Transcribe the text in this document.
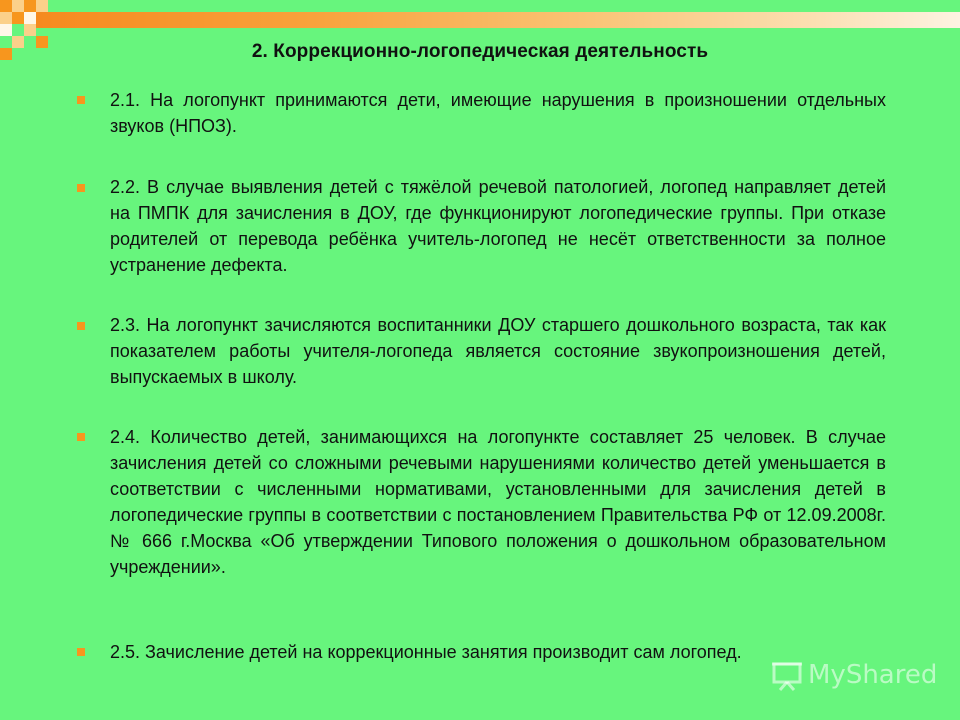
2. Коррекционно-логопедическая деятельность
2.1. На логопункт принимаются дети, имеющие нарушения в произношении отдельных звуков (НПОЗ).
2.2. В случае выявления детей с тяжёлой речевой патологией, логопед направляет детей на ПМПК для зачисления в ДОУ, где функционируют логопедические группы. При отказе родителей от перевода ребёнка учитель-логопед не несёт ответственности за полное устранение дефекта.
2.3. На логопункт зачисляются воспитанники ДОУ старшего дошкольного возраста, так как показателем работы учителя-логопеда является состояние звукопроизношения детей, выпускаемых в школу.
2.4. Количество детей, занимающихся на логопункте составляет 25 человек. В случае зачисления детей со сложными речевыми нарушениями количество детей уменьшается в соответствии с численными нормативами, установленными для зачисления детей в логопедические группы в соответствии с постановлением Правительства РФ от 12.09.2008г. № 666 г.Москва «Об утверждении Типового положения о дошкольном образовательном учреждении».
2.5. Зачисление детей на коррекционные занятия производит сам логопед.
MyShared
